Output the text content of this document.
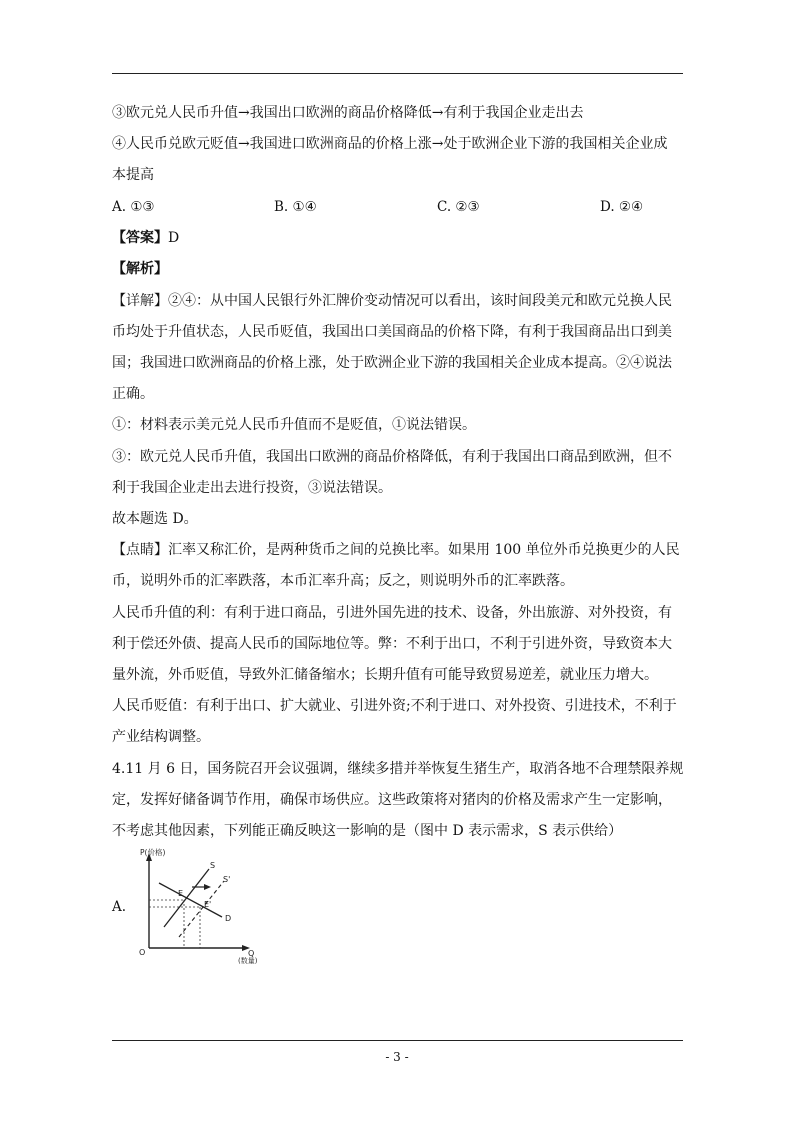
③欧元兑人民币升值→我国出口欧洲的商品价格降低→有利于我国企业走出去
④人民币兑欧元贬值→我国进口欧洲商品的价格上涨→处于欧洲企业下游的我国相关企业成
本提高
A. ①③	B. ①④	C. ②③	D. ②④
【答案】D
【解析】
【详解】②④：从中国人民银行外汇牌价变动情况可以看出，该时间段美元和欧元兑换人民
币均处于升值状态，人民币贬值，我国出口美国商品的价格下降，有利于我国商品出口到美
国；我国进口欧洲商品的价格上涨，处于欧洲企业下游的我国相关企业成本提高。②④说法
正确。
①：材料表示美元兑人民币升值而不是贬值，①说法错误。
③：欧元兑人民币升值，我国出口欧洲的商品价格降低，有利于我国出口商品到欧洲，但不
利于我国企业走出去进行投资，③说法错误。
故本题选 D。
【点睛】汇率又称汇价，是两种货币之间的兑换比率。如果用 100 单位外币兑换更少的人民
币，说明外币的汇率跌落，本币汇率升高；反之，则说明外币的汇率跌落。
人民币升值的利：有利于进口商品，引进外国先进的技术、设备，外出旅游、对外投资，有
利于偿还外债、提高人民币的国际地位等。弊：不利于出口，不利于引进外资，导致资本大
量外流，外币贬值，导致外汇储备缩水；长期升值有可能导致贸易逆差，就业压力增大。
人民币贬值：有利于出口、扩大就业、引进外资;不利于进口、对外投资、引进技术，不利于
产业结构调整。
4.11 月 6 日，国务院召开会议强调，继续多措并举恢复生猪生产，取消各地不合理禁限养规
定，发挥好储备调节作用，确保市场供应。这些政策将对猪肉的价格及需求产生一定影响，
不考虑其他因素，下列能正确反映这一影响的是（图中 D 表示需求，S 表示供给）
A.
P(价格)
Q
(数量)
O
S
S'
D
E
E'
- 3 -
